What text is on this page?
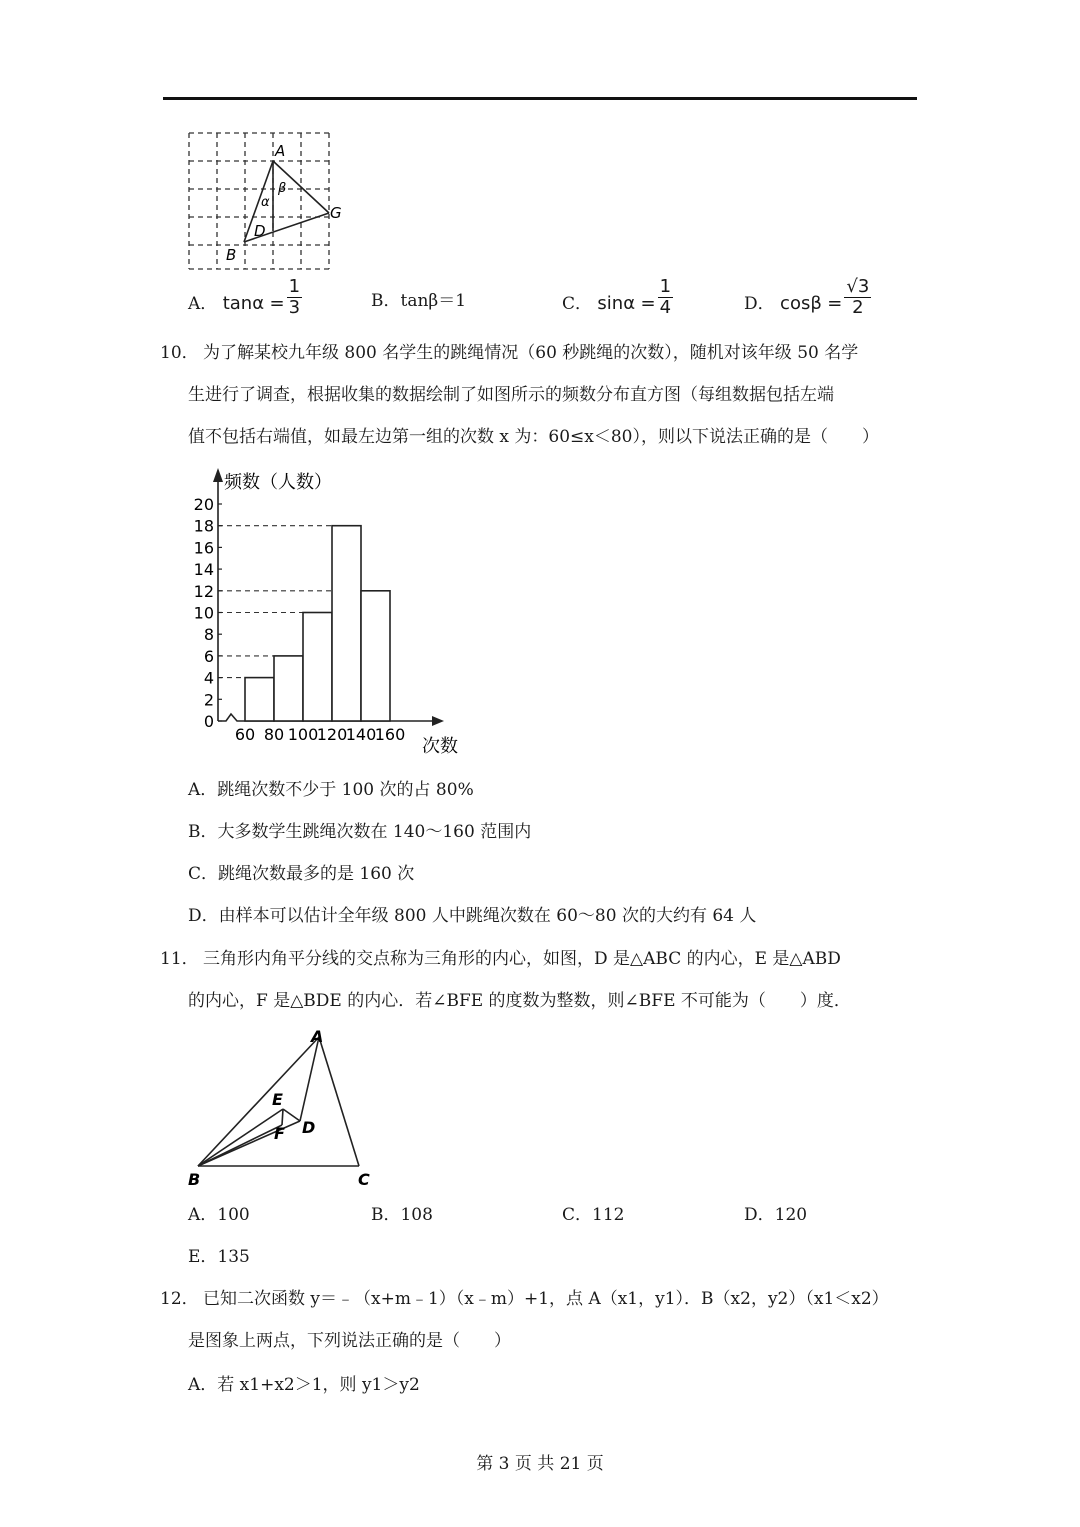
A
B
D
G
α
β
A． $\tan\alpha = \frac{1}{3}$	B．tanβ＝1	C． $\sin\alpha = \frac{1}{4}$	D． $\cos\beta = \frac{√3}{2}$
10． 为了解某校九年级 800 名学生的跳绳情况（60 秒跳绳的次数），随机对该年级 50 名学
生进行了调查，根据收集的数据绘制了如图所示的频数分布直方图（每组数据包括左端
值不包括右端值，如最左边第一组的次数 x 为：60≤x＜80），则以下说法正确的是（　　）
频数（人数）
次数
0
2
4
6
8
10
12
14
16
18
20
60 80 100
120
140
160
A．跳绳次数不少于 100 次的占 80%
B．大多数学生跳绳次数在 140～160 范围内
C．跳绳次数最多的是 160 次
D．由样本可以估计全年级 800 人中跳绳次数在 60～80 次的大约有 64 人
11． 三角形内角平分线的交点称为三角形的内心，如图，D 是△ABC 的内心，E 是△ABD
的内心，F 是△BDE 的内心．若∠BFE 的度数为整数，则∠BFE 不可能为（　　）度．
A
B	C
D
E
F
A．100	B．108	C．112	D．120
E．135
12． 已知二次函数 y＝﹣（x+m﹣1）（x﹣m）+1，点 A（x1，y1）．B（x2，y2）（x1＜x2）
是图象上两点，下列说法正确的是（　　）
A．若 x1+x2＞1，则 y1＞y2
第 3 页 共 21 页
